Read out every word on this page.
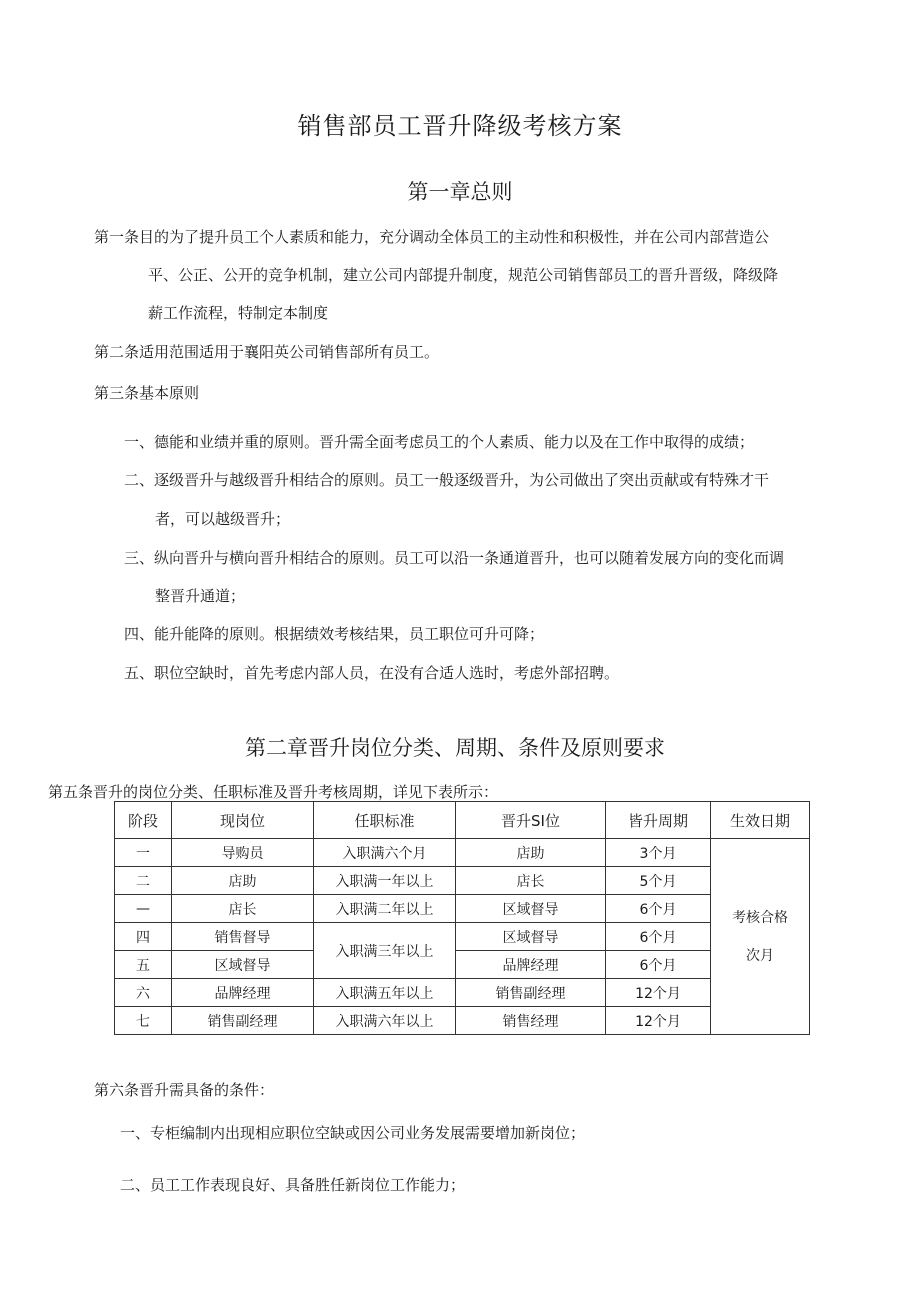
销售部员工晋升降级考核方案
第一章总则
第一条目的为了提升员工个人素质和能力，充分调动全体员工的主动性和积极性，并在公司内部营造公
平、公正、公开的竞争机制，建立公司内部提升制度，规范公司销售部员工的晋升晋级，降级降
薪工作流程，特制定本制度
第二条适用范围适用于襄阳英公司销售部所有员工。
第三条基本原则
一、德能和业绩并重的原则。晋升需全面考虑员工的个人素质、能力以及在工作中取得的成绩；
二、逐级晋升与越级晋升相结合的原则。员工一般逐级晋升，为公司做出了突出贡献或有特殊才干
者，可以越级晋升；
三、纵向晋升与横向晋升相结合的原则。员工可以沿一条通道晋升，也可以随着发展方向的变化而调
整晋升通道；
四、能升能降的原则。根据绩效考核结果，员工职位可升可降；
五、职位空缺时，首先考虑内部人员，在没有合适人选时，考虑外部招聘。
第二章晋升岗位分类、周期、条件及原则要求
第五条晋升的岗位分类、任职标准及晋升考核周期，详见下表所示：
阶段	现岗位	任职标准	晋升SI位	皆升周期	生效日期
一	导购员	入职满六个月	店助	3个月	考核合格
次月

二	店助	入职满一年以上	店长	5个月	
—	店长	入职满二年以上	区域督导	6个月	
四	销售督导	入职满三年以上	区域督导	6个月	
五	区域督导		品牌经理	6个月	
六	品牌经理	入职满五年以上	销售副经理	12个月	
七	销售副经理	入职满六年以上	销售经理	12个月	
第六条晋升需具备的条件：
一、专柜编制内出现相应职位空缺或因公司业务发展需要增加新岗位；
二、员工工作表现良好、具备胜任新岗位工作能力；
